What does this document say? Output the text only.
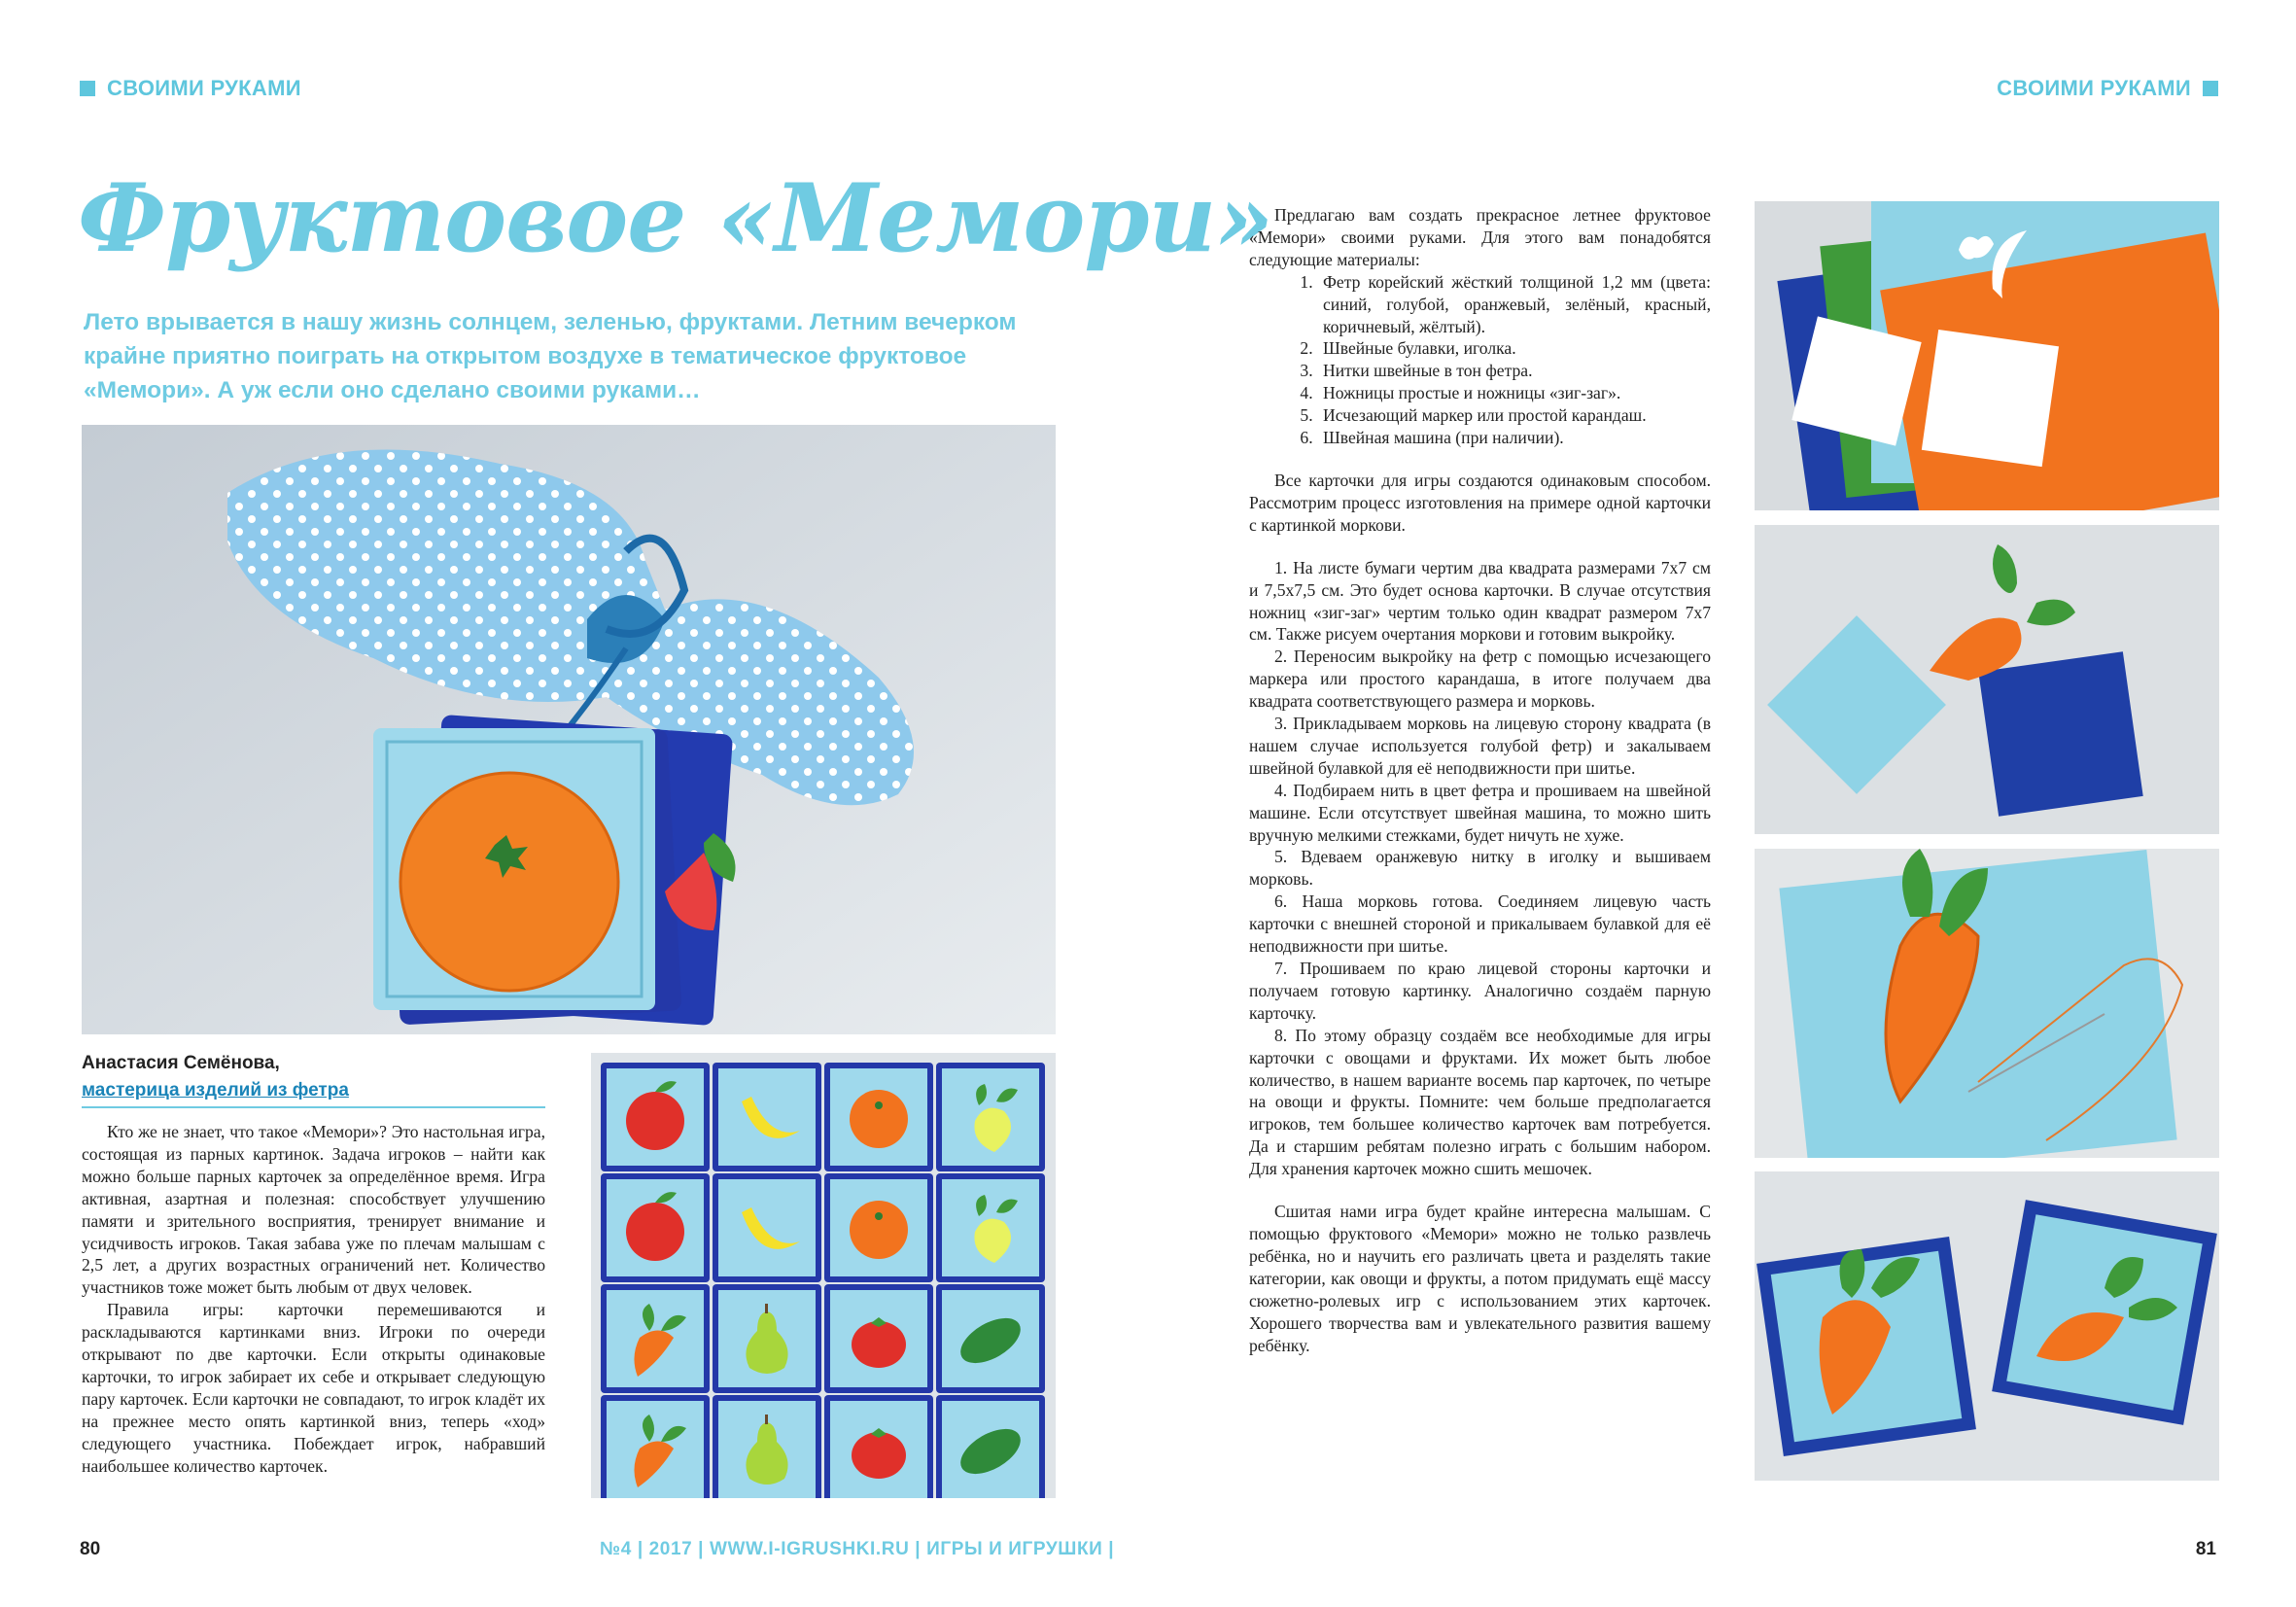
СВОИМИ РУКАМИ	СВОИМИ РУКАМИ
Фруктовое «Мемори»
Лето врывается в нашу жизнь солнцем, зеленью, фруктами. Летним вечерком крайне приятно поиграть на открытом воздухе в тематическое фруктовое «Мемори». А уж если оно сделано своими руками…
Анастасия Семёнова,
мастерица изделий из фетра

Кто же не знает, что такое «Мемори»? Это настольная игра, состоящая из парных картинок. Задача игроков – найти как можно больше парных карточек за определённое время. Игра активная, азартная и полезная: способствует улучшению памяти и зрительного восприятия, тренирует внимание и усидчивость игроков. Такая забава уже по плечам малышам с 2,5 лет, а других возрастных ограничений нет. Количество участников тоже может быть любым от двух человек.

Правила игры: карточки перемешиваются и раскладываются картинками вниз. Игроки по очереди открывают по две карточки. Если открыты одинаковые карточки, то игрок забирает их себе и открывает следующую пару карточек. Если карточки не совпадают, то игрок кладёт их на прежнее место опять картинкой вниз, теперь «ход» следующего участника. Побеждает игрок, набравший наибольшее количество карточек.

Предлагаю вам создать прекрасное летнее фруктовое «Мемори» своими руками. Для этого вам понадобятся следующие материалы:

1. Фетр корейский жёсткий толщиной 1,2 мм (цвета: синий, голубой, оранжевый, зелёный, красный, коричневый, жёлтый).
2. Швейные булавки, иголка.
3. Нитки швейные в тон фетра.
4. Ножницы простые и ножницы «зиг-заг».
5. Исчезающий маркер или простой карандаш.
6. Швейная машина (при наличии).

Все карточки для игры создаются одинаковым способом. Рассмотрим процесс изготовления на примере одной карточки с картинкой моркови.

1. На листе бумаги чертим два квадрата размерами 7х7 см и 7,5х7,5 см. Это будет основа карточки. В случае отсутствия ножниц «зиг-заг» чертим только один квадрат размером 7х7 см. Также рисуем очертания моркови и готовим выкройку.

2. Переносим выкройку на фетр с помощью исчезающего маркера или простого карандаша, в итоге получаем два квадрата соответствующего размера и морковь.

3. Прикладываем морковь на лицевую сторону квадрата (в нашем случае используется голубой фетр) и закалываем швейной булавкой для её неподвижности при шитье.

4. Подбираем нить в цвет фетра и прошиваем на швейной машине. Если отсутствует швейная машина, то можно шить вручную мелкими стежками, будет ничуть не хуже.

5. Вдеваем оранжевую нитку в иголку и вышиваем морковь.

6. Наша морковь готова. Соединяем лицевую часть карточки с внешней стороной и прикалываем булавкой для её неподвижности при шитье.

7. Прошиваем по краю лицевой стороны карточки и получаем готовую картинку. Аналогично создаём парную карточку.

8. По этому образцу создаём все необходимые для игры карточки с овощами и фруктами. Их может быть любое количество, в нашем варианте восемь пар карточек, по четыре на овощи и фрукты. Помните: чем больше предполагается игроков, тем большее количество карточек вам потребуется. Да и старшим ребятам полезно играть с большим набором. Для хранения карточек можно сшить мешочек.

Сшитая нами игра будет крайне интересна малышам. С помощью фруктового «Мемори» можно не только развлечь ребёнка, но и научить его различать цвета и разделять такие категории, как овощи и фрукты, а потом придумать ещё массу сюжетно-ролевых игр с использованием этих карточек. Хорошего творчества вам и увлекательного развития вашему ребёнку.

80	№4 | 2017 | WWW.I-IGRUSHKI.RU | ИГРЫ И ИГРУШКИ |	81
